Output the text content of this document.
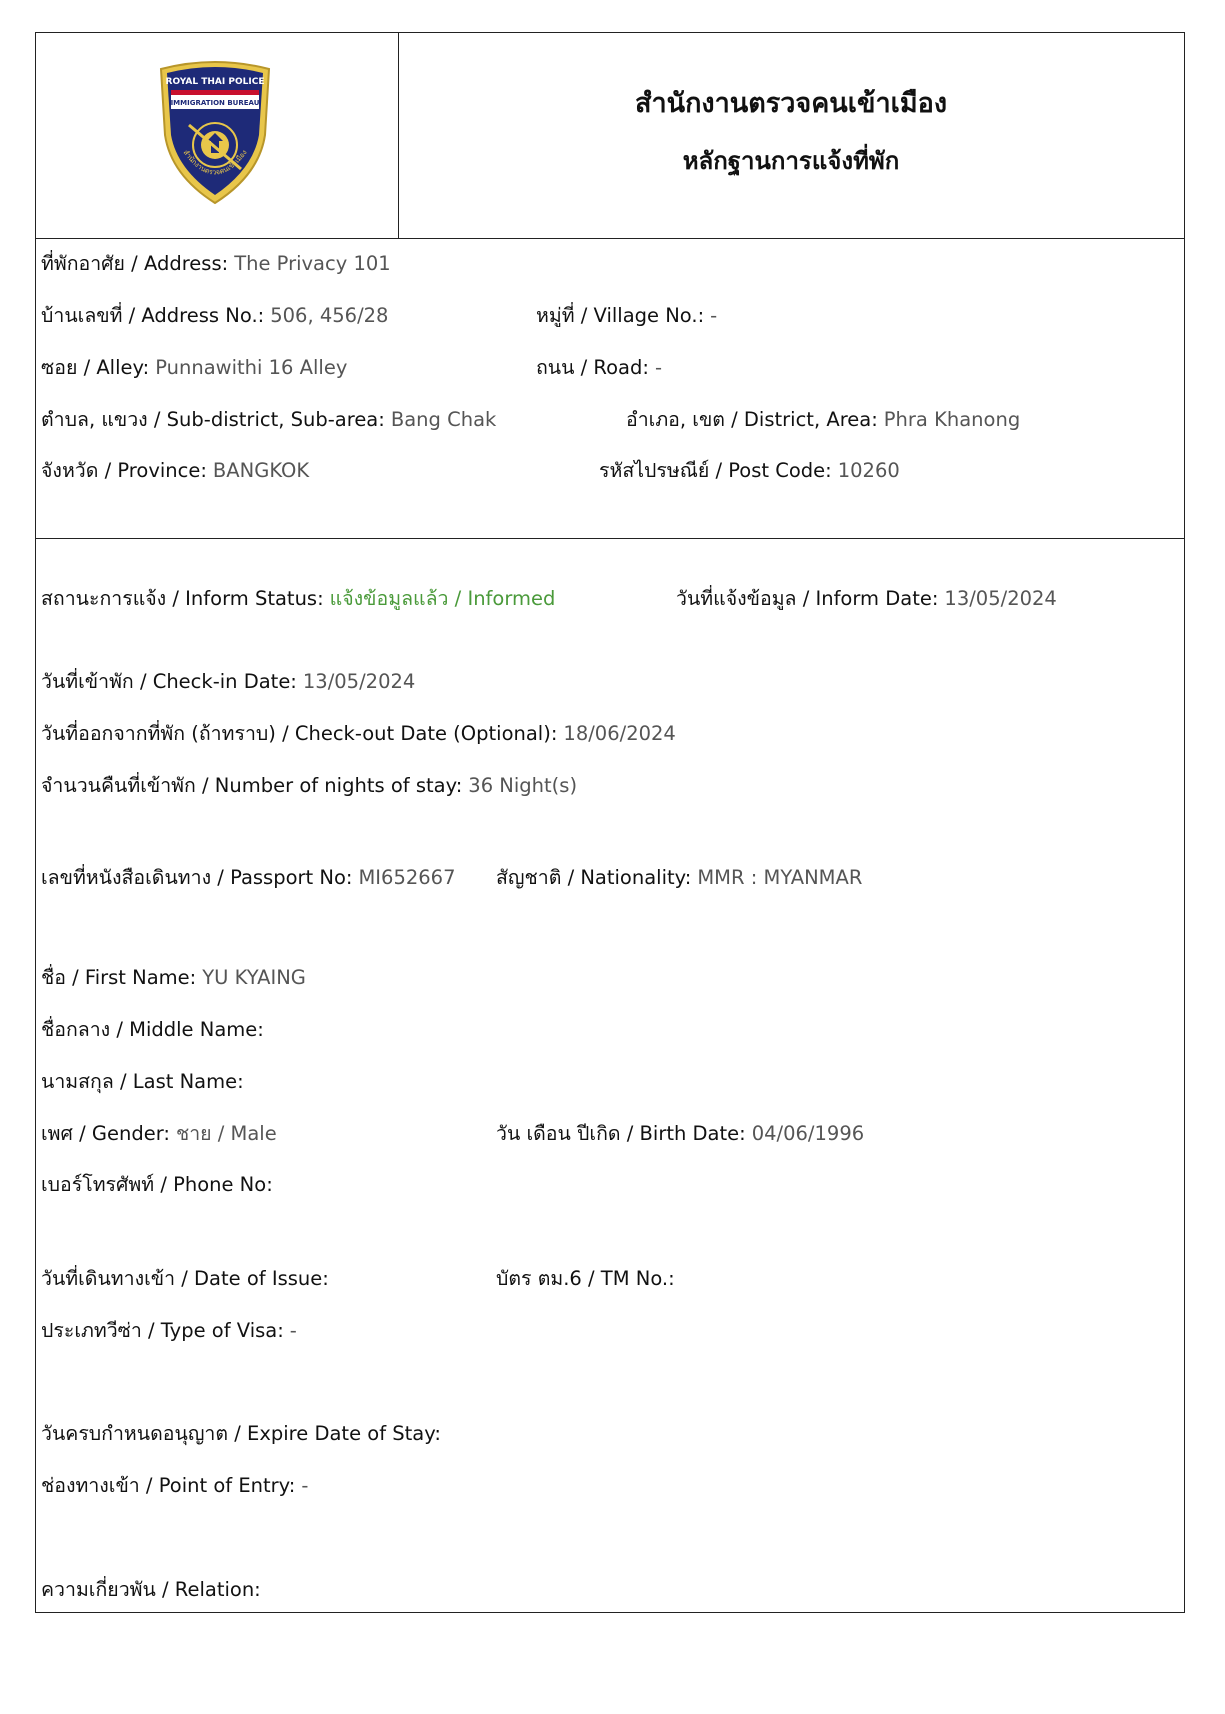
ROYAL THAI POLICE
IMMIGRATION BUREAU
สำนักงานตรวจคนเข้าเมือง
สำนักงานตรวจคนเข้าเมือง
หลักฐานการแจ้งที่พัก
ที่พักอาศัย / Address: The Privacy 101
บ้านเลขที่ / Address No.: 506, 456/28	หมู่ที่ / Village No.: -
ซอย / Alley: Punnawithi 16 Alley	ถนน / Road: -
ตำบล, แขวง / Sub-district, Sub-area: Bang Chak	อำเภอ, เขต / District, Area: Phra Khanong
จังหวัด / Province: BANGKOK	รหัสไปรษณีย์ / Post Code: 10260
สถานะการแจ้ง / Inform Status: แจ้งข้อมูลแล้ว / Informed	วันที่แจ้งข้อมูล / Inform Date: 13/05/2024
วันที่เข้าพัก / Check-in Date: 13/05/2024
วันที่ออกจากที่พัก (ถ้าทราบ) / Check-out Date (Optional): 18/06/2024
จำนวนคืนที่เข้าพัก / Number of nights of stay: 36 Night(s)
เลขที่หนังสือเดินทาง / Passport No: MI652667 สัญชาติ / Nationality: MMR : MYANMAR
ชื่อ / First Name: YU KYAING
ชื่อกลาง / Middle Name:
นามสกุล / Last Name:
เพศ / Gender: ชาย / Male	วัน เดือน ปีเกิด / Birth Date: 04/06/1996
เบอร์โทรศัพท์ / Phone No:
วันที่เดินทางเข้า / Date of Issue:	บัตร ตม.6 / TM No.:
ประเภทวีซ่า / Type of Visa: -
วันครบกำหนดอนุญาต / Expire Date of Stay:
ช่องทางเข้า / Point of Entry: -
ความเกี่ยวพัน / Relation:
